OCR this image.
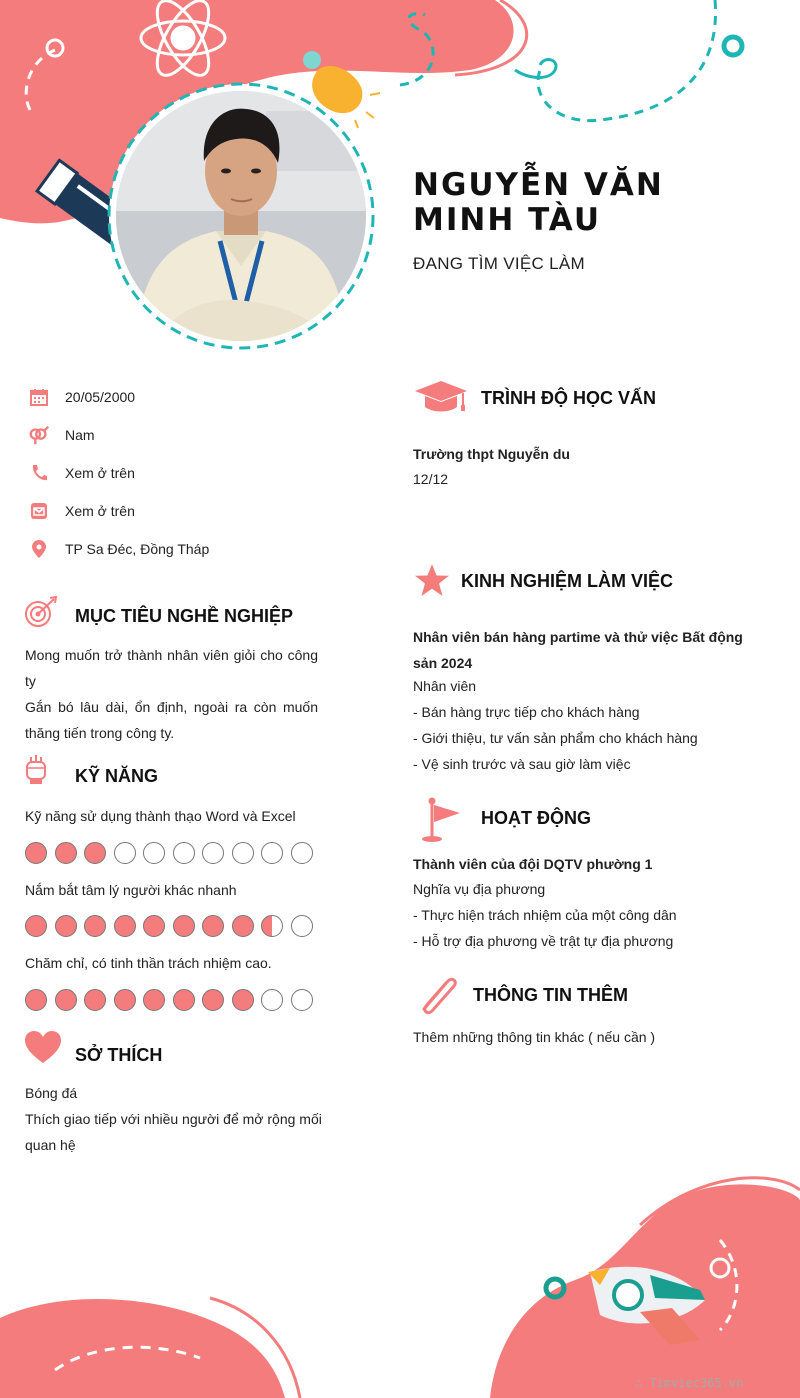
NGUYỄN VĂN MINH TÀU
ĐANG TÌM VIỆC LÀM
20/05/2000
Nam
Xem ở trên
Xem ở trên
TP Sa Đéc, Đồng Tháp
MỤC TIÊU NGHỀ NGHIỆP
Mong muốn trở thành nhân viên giỏi cho công ty
Gắn bó lâu dài, ổn định, ngoài ra còn muốn thăng tiến trong công ty.
KỸ NĂNG
Kỹ năng sử dụng thành thạo Word và Excel
Nắm bắt tâm lý người khác nhanh
Chăm chỉ, có tinh thần trách nhiệm cao.
SỞ THÍCH
Bóng đá
Thích giao tiếp với nhiều người để mở rộng mối quan hệ
TRÌNH ĐỘ HỌC VẤN
Trường thpt Nguyễn du
12/12
KINH NGHIỆM LÀM VIỆC
Nhân viên bán hàng partime và thử việc Bất động sản 2024
Nhân viên
- Bán hàng trực tiếp cho khách hàng
- Giới thiệu, tư vấn sản phẩm cho khách hàng
- Vệ sinh trước và sau giờ làm việc
HOẠT ĐỘNG
Thành viên của đội DQTV phường 1
Nghĩa vụ địa phương
- Thực hiện trách nhiệm của một công dân
- Hỗ trợ địa phương về trật tự địa phương
THÔNG TIN THÊM
Thêm những thông tin khác ( nếu cần )
∴ Timviec365.vn
